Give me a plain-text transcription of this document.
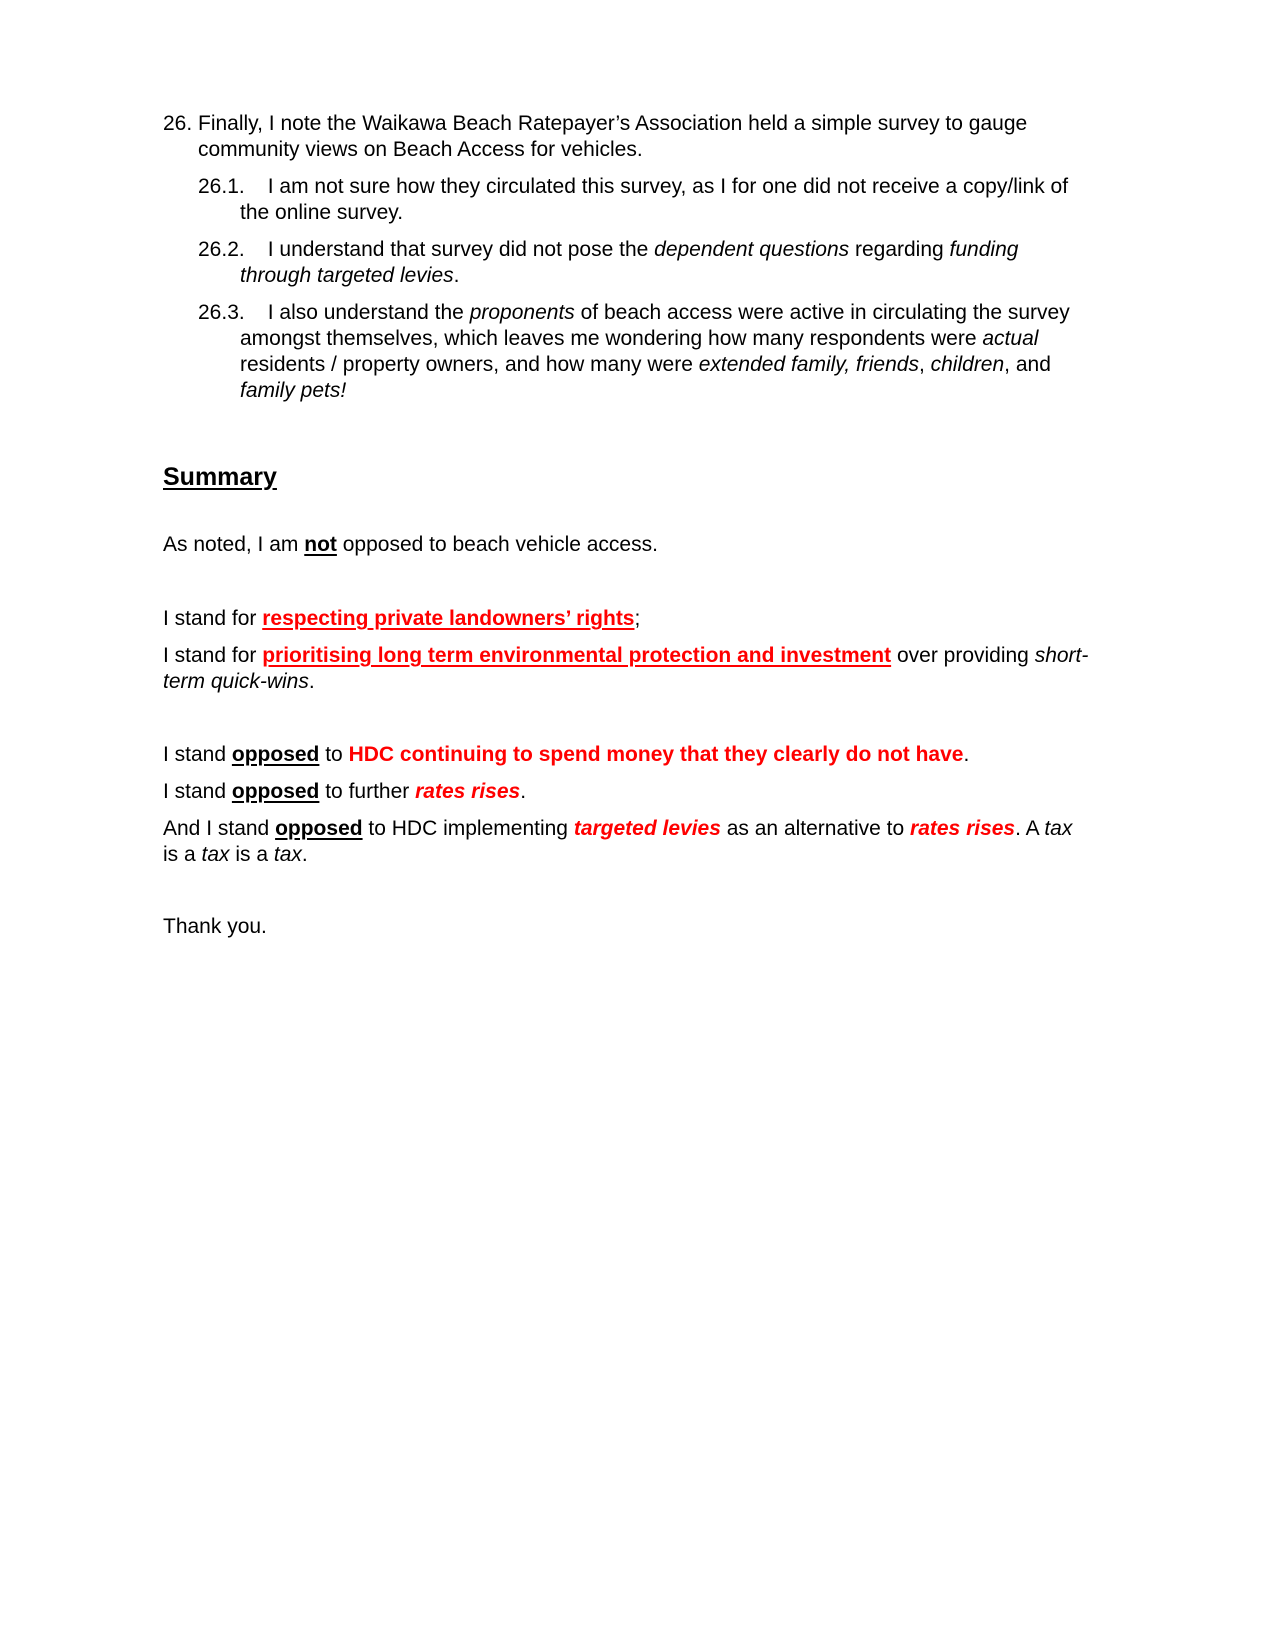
26. Finally, I note the Waikawa Beach Ratepayer’s Association held a simple survey to gauge community views on Beach Access for vehicles.
26.1. I am not sure how they circulated this survey, as I for one did not receive a copy/link of the online survey.
26.2. I understand that survey did not pose the dependent questions regarding funding through targeted levies.
26.3. I also understand the proponents of beach access were active in circulating the survey amongst themselves, which leaves me wondering how many respondents were actual residents / property owners, and how many were extended family, friends, children, and family pets!
Summary
As noted, I am not opposed to beach vehicle access.
I stand for respecting private landowners’ rights;
I stand for prioritising long term environmental protection and investment over providing short-term quick-wins.
I stand opposed to HDC continuing to spend money that they clearly do not have.
I stand opposed to further rates rises.
And I stand opposed to HDC implementing targeted levies as an alternative to rates rises. A tax is a tax is a tax.
Thank you.
